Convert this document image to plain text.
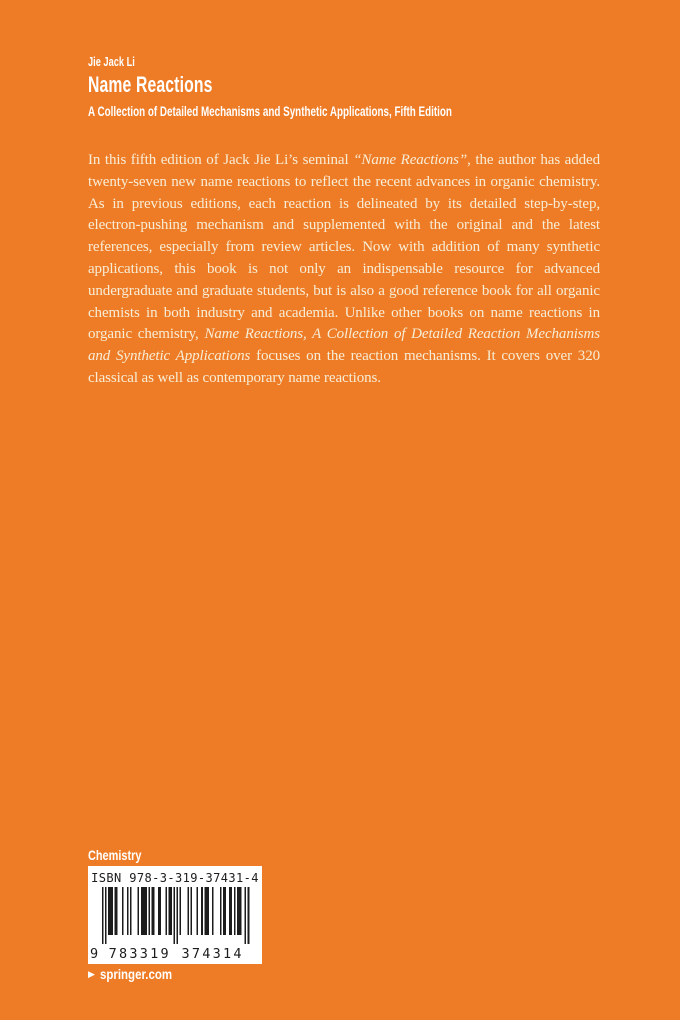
Jie Jack Li
Name Reactions
A Collection of Detailed Mechanisms and Synthetic Applications, Fifth Edition

In this fifth edition of Jack Jie Li’s seminal “Name Reactions”, the author has added twenty-seven new name reactions to reflect the recent advances in organic chemistry. As in previous editions, each reaction is delineated by its detailed step-by-step, electron-pushing mechanism and supplemented with the original and the latest references, especially from review articles. Now with addition of many synthetic applications, this book is not only an indispensable resource for advanced undergraduate and graduate students, but is also a good reference book for all organic chemists in both industry and academia. Unlike other books on name reactions in organic chemistry, Name Reactions, A Collection of Detailed Reaction Mechanisms and Synthetic Applications focuses on the reaction mechanisms. It covers over 320 classical as well as contemporary name reactions.

Chemistry
ISBN 978-3-319-37431-4
9 783319 374314
▶ springer.com
